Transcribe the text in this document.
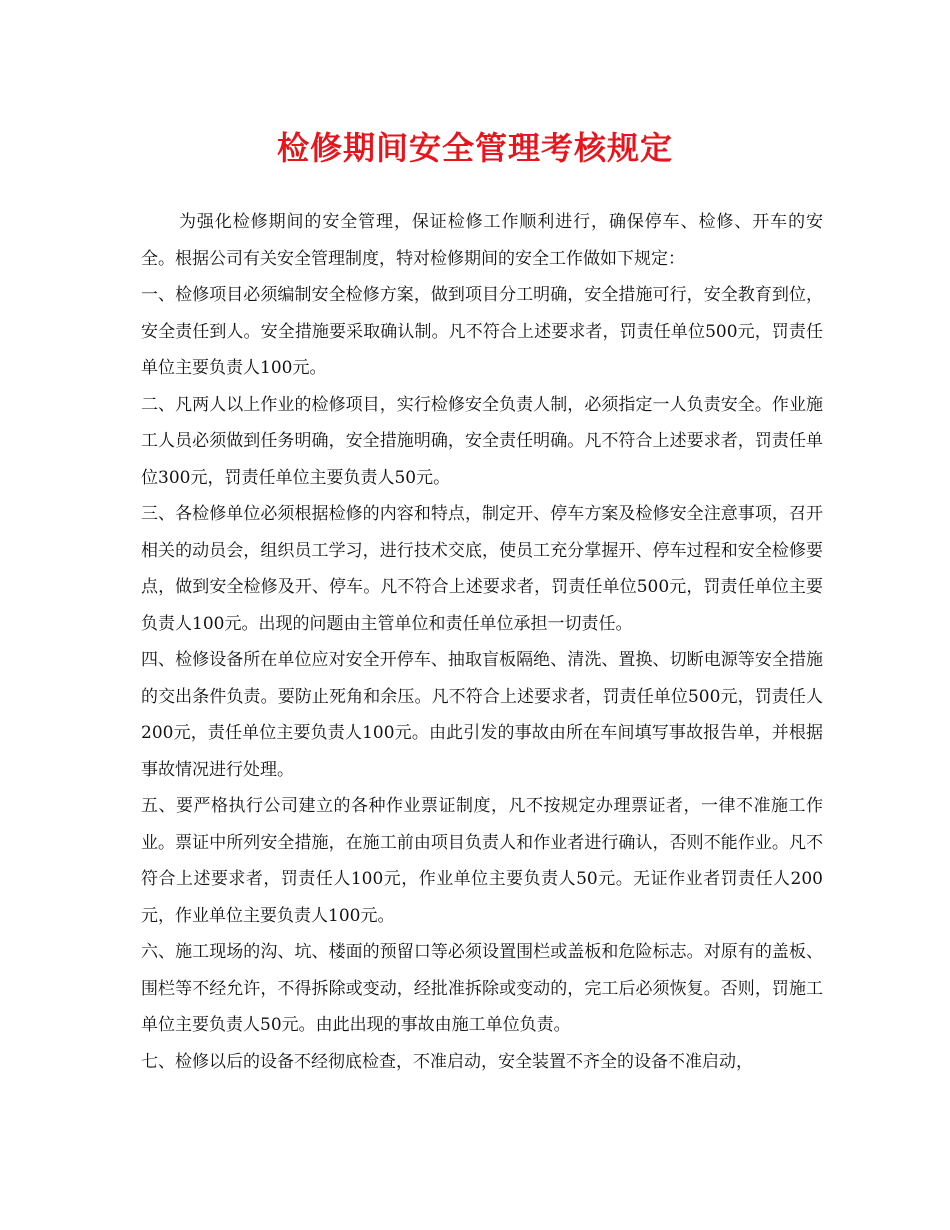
检修期间安全管理考核规定

为强化检修期间的安全管理，保证检修工作顺利进行，确保停车、检修、开车的安全。根据公司有关安全管理制度，特对检修期间的安全工作做如下规定：

一、检修项目必须编制安全检修方案，做到项目分工明确，安全措施可行，安全教育到位，安全责任到人。安全措施要采取确认制。凡不符合上述要求者，罚责任单位500元，罚责任单位主要负责人100元。

二、凡两人以上作业的检修项目，实行检修安全负责人制，必须指定一人负责安全。作业施工人员必须做到任务明确，安全措施明确，安全责任明确。凡不符合上述要求者，罚责任单位300元，罚责任单位主要负责人50元。

三、各检修单位必须根据检修的内容和特点，制定开、停车方案及检修安全注意事项，召开相关的动员会，组织员工学习，进行技术交底，使员工充分掌握开、停车过程和安全检修要点，做到安全检修及开、停车。凡不符合上述要求者，罚责任单位500元，罚责任单位主要负责人100元。出现的问题由主管单位和责任单位承担一切责任。

四、检修设备所在单位应对安全开停车、抽取盲板隔绝、清洗、置换、切断电源等安全措施的交出条件负责。要防止死角和余压。凡不符合上述要求者，罚责任单位500元，罚责任人200元，责任单位主要负责人100元。由此引发的事故由所在车间填写事故报告单，并根据事故情况进行处理。

五、要严格执行公司建立的各种作业票证制度，凡不按规定办理票证者，一律不准施工作业。票证中所列安全措施，在施工前由项目负责人和作业者进行确认，否则不能作业。凡不符合上述要求者，罚责任人100元，作业单位主要负责人50元。无证作业者罚责任人200元，作业单位主要负责人100元。

六、施工现场的沟、坑、楼面的预留口等必须设置围栏或盖板和危险标志。对原有的盖板、围栏等不经允许，不得拆除或变动，经批准拆除或变动的，完工后必须恢复。否则，罚施工单位主要负责人50元。由此出现的事故由施工单位负责。

七、检修以后的设备不经彻底检查，不准启动，安全装置不齐全的设备不准启动，
